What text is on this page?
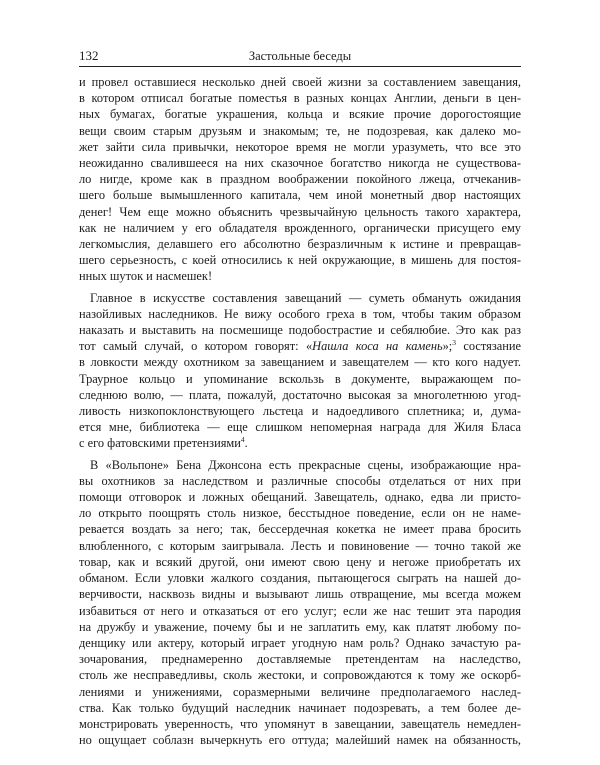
132	Застольные беседы
и провел оставшиеся несколько дней своей жизни за составлением завещания,
в котором отписал богатые поместья в разных концах Англии, деньги в цен-
ных бумагах, богатые украшения, кольца и всякие прочие дорогостоящие
вещи своим старым друзьям и знакомым; те, не подозревая, как далеко мо-
жет зайти сила привычки, некоторое время не могли уразуметь, что все это
неожиданно свалившееся на них сказочное богатство никогда не существова-
ло нигде, кроме как в праздном воображении покойного лжеца, отчеканив-
шего больше вымышленного капитала, чем иной монетный двор настоящих
денег! Чем еще можно объяснить чрезвычайную цельность такого характера,
как не наличием у его обладателя врожденного, органически присущего ему
легкомыслия, делавшего его абсолютно безразличным к истине и превращав-
шего серьезность, с коей относились к ней окружающие, в мишень для постоя-
нных шуток и насмешек!
Главное в искусстве составления завещаний — суметь обмануть ожидания
назойливых наследников. Не вижу особого греха в том, чтобы таким образом
наказать и выставить на посмешище подобострастие и себялюбие. Это как раз
тот самый случай, о котором говорят: «Нашла коса на камень»;$^3$ состязание
в ловкости между охотником за завещанием и завещателем — кто кого надует.
Траурное кольцо и упоминание вскользь в документе, выражающем по-
следнюю волю, — плата, пожалуй, достаточно высокая за многолетнюю угод-
ливость низкопоклонствующего льстеца и надоедливого сплетника; и, дума-
ется мне, библиотека — еще слишком непомерная награда для Жиля Бласа
с его фатовскими претензиями$^4$.
В «Вольпоне» Бена Джонсона есть прекрасные сцены, изображающие нра-
вы охотников за наследством и различные способы отделаться от них при
помощи отговорок и ложных обещаний. Завещатель, однако, едва ли присто-
ло открыто поощрять столь низкое, бесстыдное поведение, если он не наме-
ревается воздать за него; так, бессердечная кокетка не имеет права бросить
влюбленного, с которым заигрывала. Лесть и повиновение — точно такой же
товар, как и всякий другой, они имеют свою цену и негоже приобретать их
обманом. Если уловки жалкого создания, пытающегося сыграть на нашей до-
верчивости, насквозь видны и вызывают лишь отвращение, мы всегда можем
избавиться от него и отказаться от его услуг; если же нас тешит эта пародия
на дружбу и уважение, почему бы и не заплатить ему, как платят любому по-
денщику или актеру, который играет угодную нам роль? Однако зачастую ра-
зочарования, преднамеренно доставляемые претендентам на наследство,
столь же несправедливы, сколь жестоки, и сопровождаются к тому же оскорб-
лениями и унижениями, соразмерными величине предполагаемого наслед-
ства. Как только будущий наследник начинает подозревать, а тем более де-
монстрировать уверенность, что упомянут в завещании, завещатель немедлен-
но ощущает соблазн вычеркнуть его оттуда; малейший намек на обязанность,
